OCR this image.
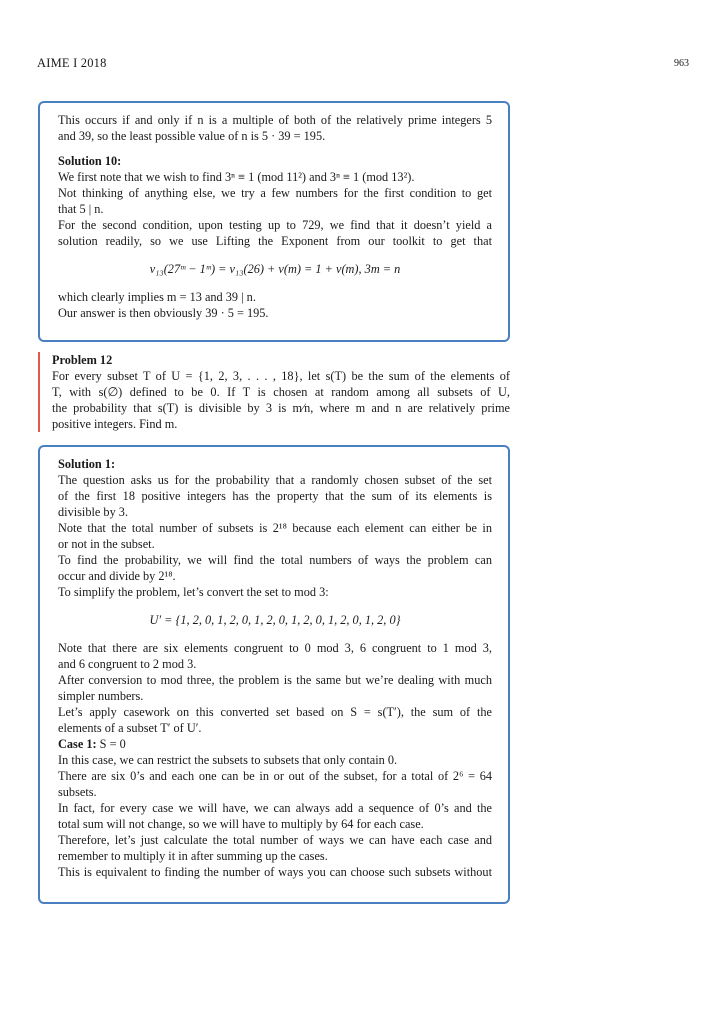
AIME I 2018	963
This occurs if and only if n is a multiple of both of the relatively prime integers 5
and 39, so the least possible value of n is 5 · 39 = 195.
Solution 10:
We first note that we wish to find 3ⁿ ≡ 1 (mod 11²) and 3ⁿ ≡ 1 (mod 13²).
Not thinking of anything else, we try a few numbers for the first condition to get
that 5 | n.
For the second condition, upon testing up to 729, we find that it doesn’t yield a
solution readily, so we use Lifting the Exponent from our toolkit to get that
v₁₃(27ᵐ − 1ᵐ) = v₁₃(26) + v(m) = 1 + v(m), 3m = n
which clearly implies m = 13 and 39 | n.
Our answer is then obviously 39 · 5 = 195.
Problem 12
For every subset T of U = {1, 2, 3, . . . , 18}, let s(T) be the sum of the elements of
T, with s(∅) defined to be 0. If T is chosen at random among all subsets of U,
the probability that s(T) is divisible by 3 is m⁄n, where m and n are relatively prime
positive integers. Find m.
Solution 1:
The question asks us for the probability that a randomly chosen subset of the set
of the first 18 positive integers has the property that the sum of its elements is
divisible by 3.
Note that the total number of subsets is 2¹⁸ because each element can either be in
or not in the subset.
To find the probability, we will find the total numbers of ways the problem can
occur and divide by 2¹⁸.
To simplify the problem, let’s convert the set to mod 3:
U′ = {1, 2, 0, 1, 2, 0, 1, 2, 0, 1, 2, 0, 1, 2, 0, 1, 2, 0}
Note that there are six elements congruent to 0 mod 3, 6 congruent to 1 mod 3,
and 6 congruent to 2 mod 3.
After conversion to mod three, the problem is the same but we’re dealing with much
simpler numbers.
Let’s apply casework on this converted set based on S = s(T′), the sum of the
elements of a subset T′ of U′.
Case 1: S = 0
In this case, we can restrict the subsets to subsets that only contain 0.
There are six 0’s and each one can be in or out of the subset, for a total of 2⁶ = 64
subsets.
In fact, for every case we will have, we can always add a sequence of 0’s and the
total sum will not change, so we will have to multiply by 64 for each case.
Therefore, let’s just calculate the total number of ways we can have each case and
remember to multiply it in after summing up the cases.
This is equivalent to finding the number of ways you can choose such subsets without
